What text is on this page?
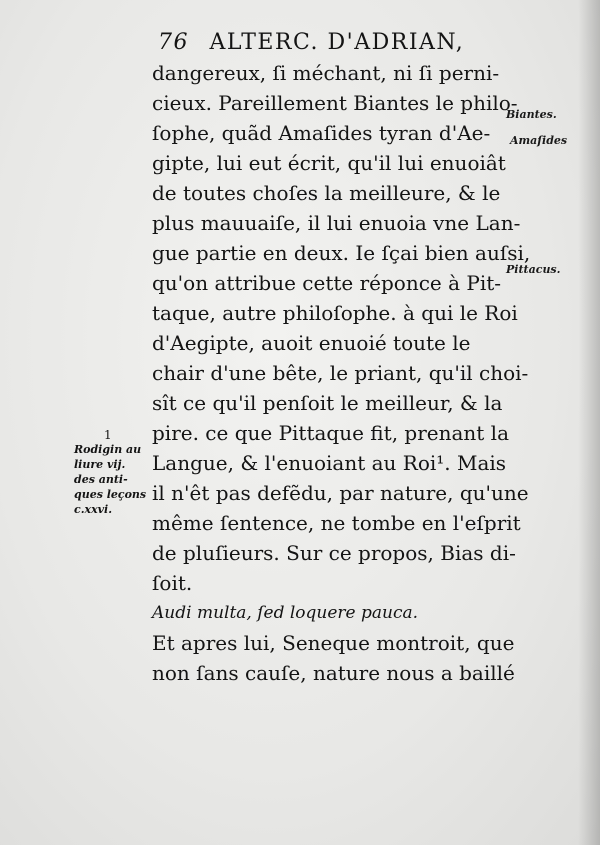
76 ALTERC. D'ADRIAN,
dangereux, ſi méchant, ni ſi perni-
cieux. Pareillement Biantes le philo-
ſophe, quãd Amaſides tyran d'Ae-
gipte, lui eut écrit, qu'il lui enuoiât
de toutes choſes la meilleure, & le
plus mauuaiſe, il lui enuoia vne Lan-
gue partie en deux. Ie ſçai bien auſsi,
qu'on attribue cette réponce à Pit-
taque, autre philoſophe. à qui le Roi
d'Aegipte, auoit enuoié toute le
chair d'une bête, le priant, qu'il choi-
sît ce qu'il penſoit le meilleur, & la
pire. ce que Pittaque fit, prenant la
Langue, & l'enuoiant au Roi¹. Mais
il n'êt pas defẽdu, par nature, qu'une
même ſentence, ne tombe en l'eſprit
de pluſieurs. Sur ce propos, Bias di-
ſoit.
Audi multa, ſed loquere pauca.
Et apres lui, Seneque montroit, que
non ſans cauſe, nature nous a baillé
Biantes.
Amaſides
Pittacus.
1
Rodigin au
liure vij.
des anti-
ques leçons
c.xxvi.
